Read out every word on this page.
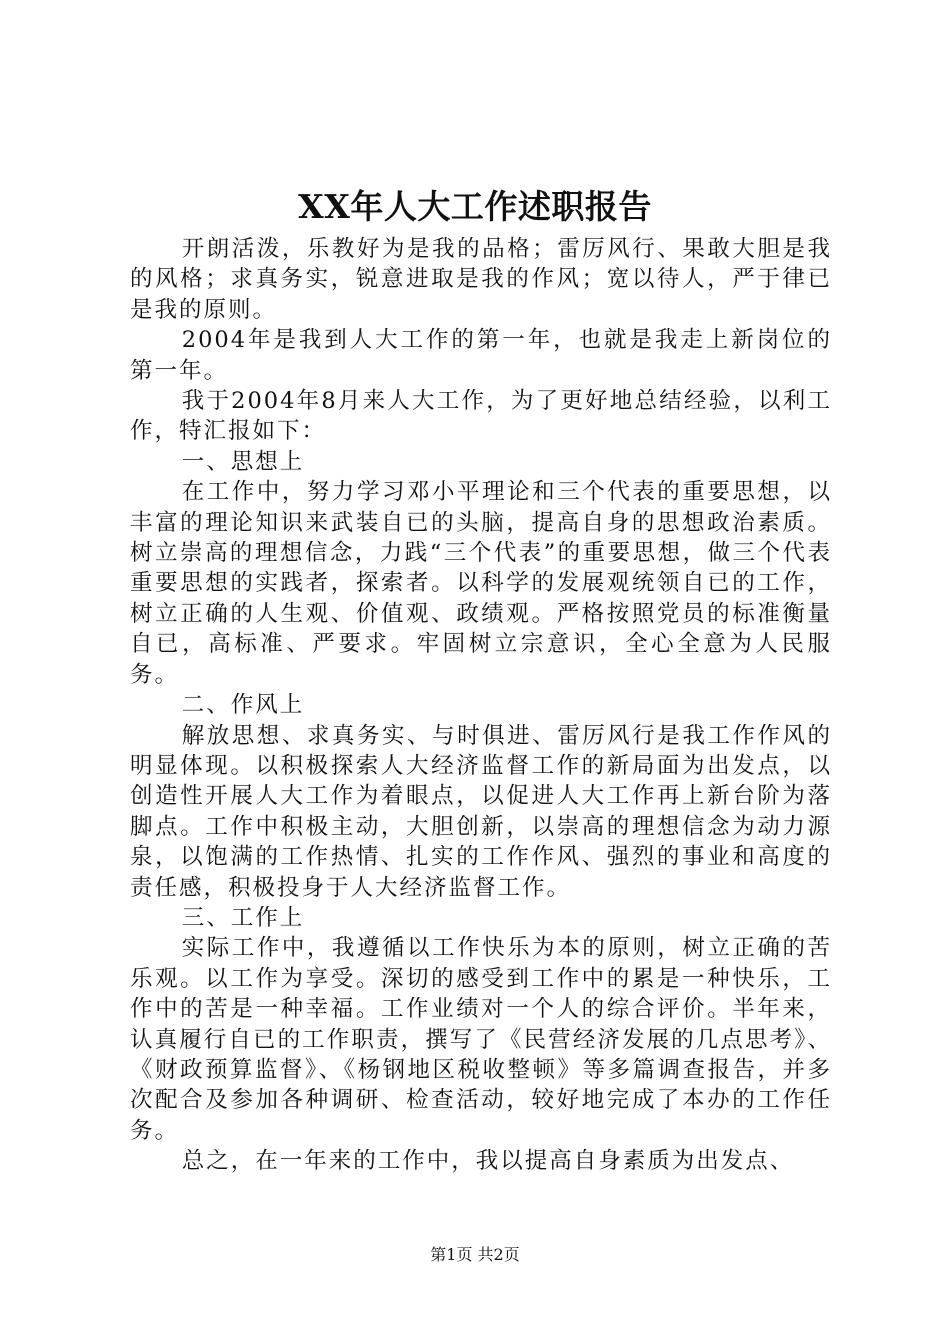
XX年人大工作述职报告

开朗活泼，乐教好为是我的品格；雷厉风行、果敢大胆是我的风格；求真务实，锐意进取是我的作风；宽以待人，严于律已是我的原则。

2004年是我到人大工作的第一年，也就是我走上新岗位的第一年。

我于2004年8月来人大工作，为了更好地总结经验，以利工作，特汇报如下：

一、思想上

在工作中，努力学习邓小平理论和三个代表的重要思想，以丰富的理论知识来武装自已的头脑，提高自身的思想政治素质。树立崇高的理想信念，力践“三个代表”的重要思想，做三个代表重要思想的实践者，探索者。以科学的发展观统领自已的工作，树立正确的人生观、价值观、政绩观。严格按照党员的标准衡量自已，高标准、严要求。牢固树立宗意识，全心全意为人民服务。

二、作风上

解放思想、求真务实、与时俱进、雷厉风行是我工作作风的明显体现。以积极探索人大经济监督工作的新局面为出发点，以创造性开展人大工作为着眼点，以促进人大工作再上新台阶为落脚点。工作中积极主动，大胆创新，以崇高的理想信念为动力源泉，以饱满的工作热情、扎实的工作作风、强烈的事业和高度的责任感，积极投身于人大经济监督工作。

三、工作上

实际工作中，我遵循以工作快乐为本的原则，树立正确的苦乐观。以工作为享受。深切的感受到工作中的累是一种快乐，工作中的苦是一种幸福。工作业绩对一个人的综合评价。半年来，认真履行自已的工作职责，撰写了《民营经济发展的几点思考》、《财政预算监督》、《杨钢地区税收整顿》等多篇调查报告，并多次配合及参加各种调研、检查活动，较好地完成了本办的工作任务。

总之，在一年来的工作中，我以提高自身素质为出发点、

第1页 共2页
